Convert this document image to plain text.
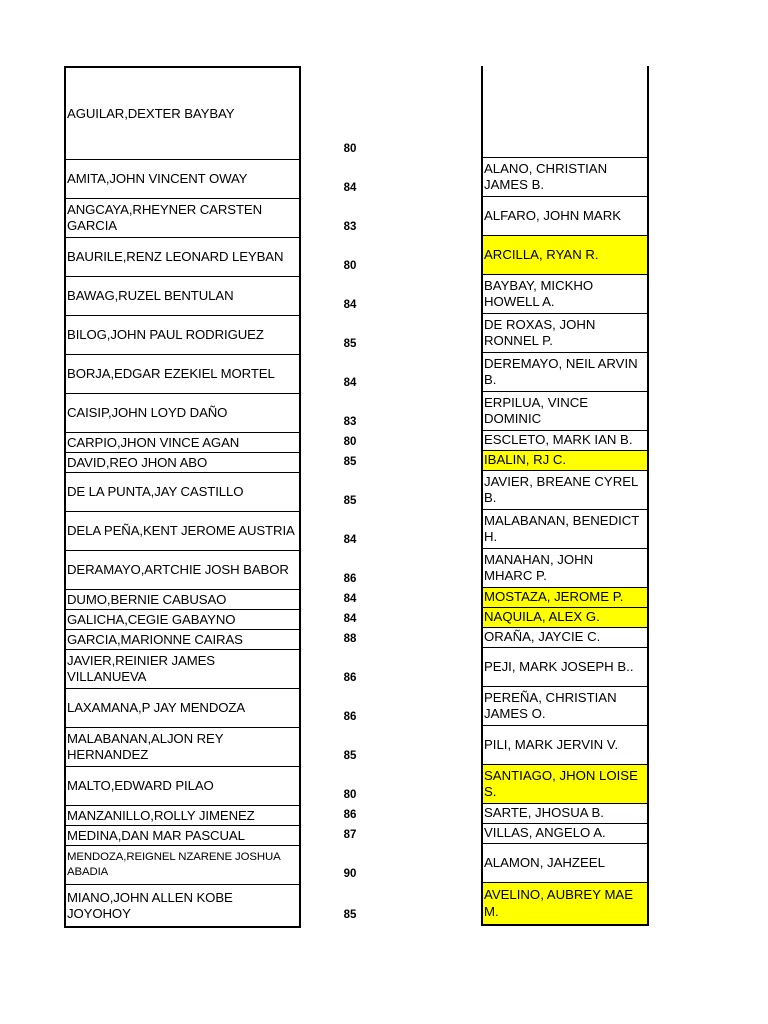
AGUILAR,DEXTER BAYBAY
AMITA,JOHN VINCENT OWAY
ANGCAYA,RHEYNER CARSTEN GARCIA
BAURILE,RENZ LEONARD LEYBAN
BAWAG,RUZEL BENTULAN
BILOG,JOHN PAUL RODRIGUEZ
BORJA,EDGAR EZEKIEL MORTEL
CAISIP,JOHN LOYD DAÑO
CARPIO,JHON VINCE AGAN
DAVID,REO JHON ABO
DE LA PUNTA,JAY CASTILLO
DELA PEÑA,KENT JEROME AUSTRIA
DERAMAYO,ARTCHIE JOSH BABOR
DUMO,BERNIE CABUSAO
GALICHA,CEGIE GABAYNO
GARCIA,MARIONNE CAIRAS
JAVIER,REINIER JAMES VILLANUEVA
LAXAMANA,P JAY MENDOZA
MALABANAN,ALJON REY HERNANDEZ
MALTO,EDWARD PILAO
MANZANILLO,ROLLY JIMENEZ
MEDINA,DAN MAR PASCUAL
MENDOZA,REIGNEL NZARENE JOSHUA ABADIA
MIANO,JOHN ALLEN KOBE JOYOHOY
80
84
83
80
84
85
84
83
80
85
85
84
86
84
84
88
86
86
85
80
86
87
90
85
ALANO, CHRISTIAN JAMES B.
ALFARO, JOHN MARK
ARCILLA, RYAN R.
BAYBAY, MICKHO HOWELL A.
DE ROXAS, JOHN RONNEL P.
DEREMAYO, NEIL ARVIN B.
ERPILUA, VINCE DOMINIC
ESCLETO, MARK IAN B.
IBALIN, RJ C.
JAVIER, BREANE CYREL B.
MALABANAN, BENEDICT H.
MANAHAN, JOHN MHARC P.
MOSTAZA, JEROME P.
NAQUILA, ALEX G.
ORAÑA, JAYCIE C.
PEJI, MARK JOSEPH B..
PEREÑA, CHRISTIAN JAMES O.
PILI, MARK JERVIN V.
SANTIAGO, JHON LOISE S.
SARTE, JHOSUA B.
VILLAS, ANGELO A.
ALAMON, JAHZEEL
AVELINO, AUBREY MAE M.
